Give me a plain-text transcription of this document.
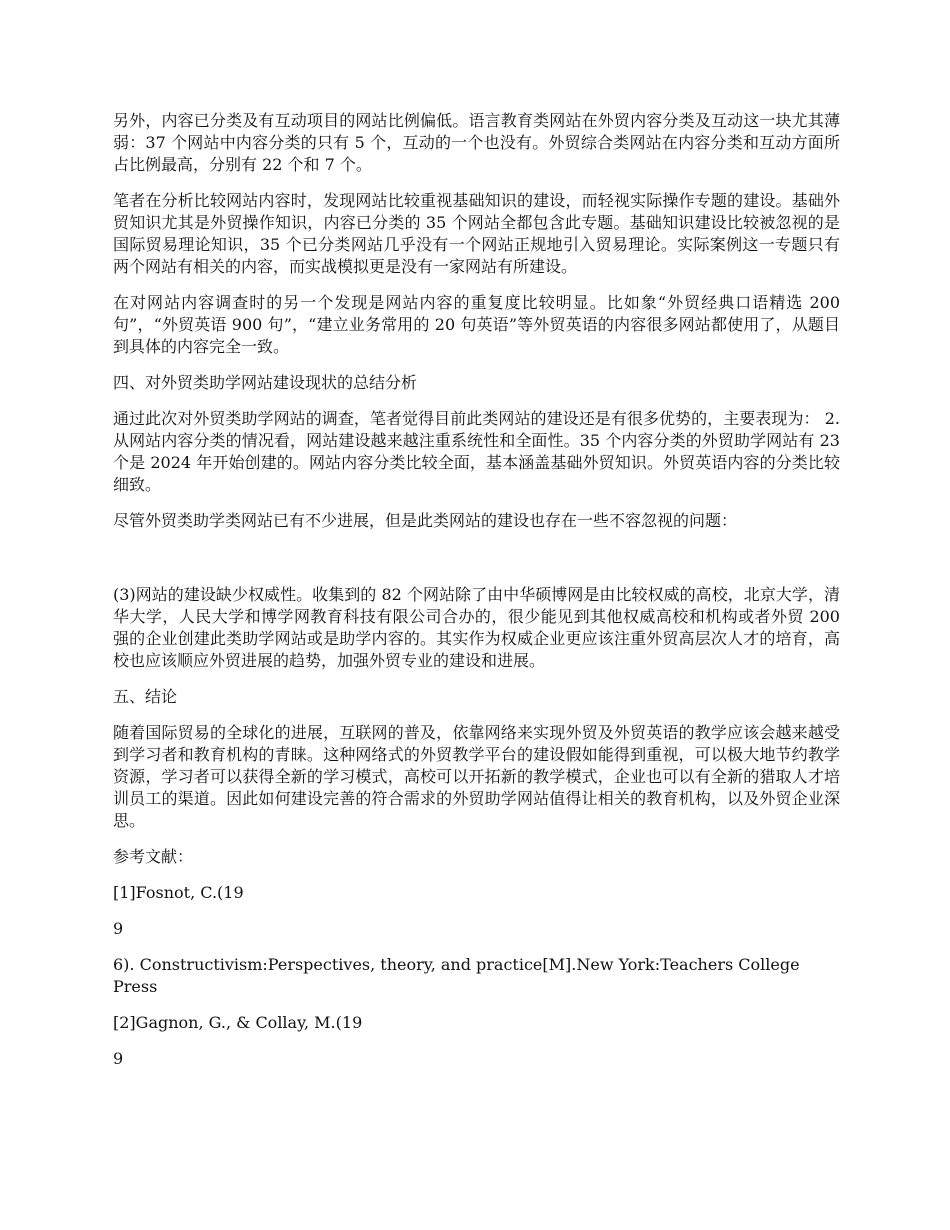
另外，内容已分类及有互动项目的网站比例偏低。语言教育类网站在外贸内容分类及互动这一块尤其薄弱：37 个网站中内容分类的只有 5 个，互动的一个也没有。外贸综合类网站在内容分类和互动方面所占比例最高，分别有 22 个和 7 个。

笔者在分析比较网站内容时，发现网站比较重视基础知识的建设，而轻视实际操作专题的建设。基础外贸知识尤其是外贸操作知识，内容已分类的 35 个网站全都包含此专题。基础知识建设比较被忽视的是国际贸易理论知识，35 个已分类网站几乎没有一个网站正规地引入贸易理论。实际案例这一专题只有两个网站有相关的内容，而实战模拟更是没有一家网站有所建设。

在对网站内容调查时的另一个发现是网站内容的重复度比较明显。比如象“外贸经典口语精选 200 句”，“外贸英语 900 句”，“建立业务常用的 20 句英语”等外贸英语的内容很多网站都使用了，从题目到具体的内容完全一致。

四、对外贸类助学网站建设现状的总结分析

通过此次对外贸类助学网站的调查，笔者觉得目前此类网站的建设还是有很多优势的，主要表现为： 2.从网站内容分类的情况看，网站建设越来越注重系统性和全面性。35 个内容分类的外贸助学网站有 23 个是 2024 年开始创建的。网站内容分类比较全面，基本涵盖基础外贸知识。外贸英语内容的分类比较细致。

尽管外贸类助学类网站已有不少进展，但是此类网站的建设也存在一些不容忽视的问题：

(3)网站的建设缺少权威性。收集到的 82 个网站除了由中华硕博网是由比较权威的高校，北京大学，清华大学，人民大学和博学网教育科技有限公司合办的，很少能见到其他权威高校和机构或者外贸 200 强的企业创建此类助学网站或是助学内容的。其实作为权威企业更应该注重外贸高层次人才的培育，高校也应该顺应外贸进展的趋势，加强外贸专业的建设和进展。

五、结论

随着国际贸易的全球化的进展，互联网的普及，依靠网络来实现外贸及外贸英语的教学应该会越来越受到学习者和教育机构的青睐。这种网络式的外贸教学平台的建设假如能得到重视，可以极大地节约教学资源，学习者可以获得全新的学习模式，高校可以开拓新的教学模式，企业也可以有全新的猎取人才培训员工的渠道。因此如何建设完善的符合需求的外贸助学网站值得让相关的教育机构，以及外贸企业深思。

参考文献：

[1]Fosnot, C.(19

9

6). Constructivism:Perspectives, theory, and practice[M].New York:Teachers College Press

[2]Gagnon, G., & Collay, M.(19

9
